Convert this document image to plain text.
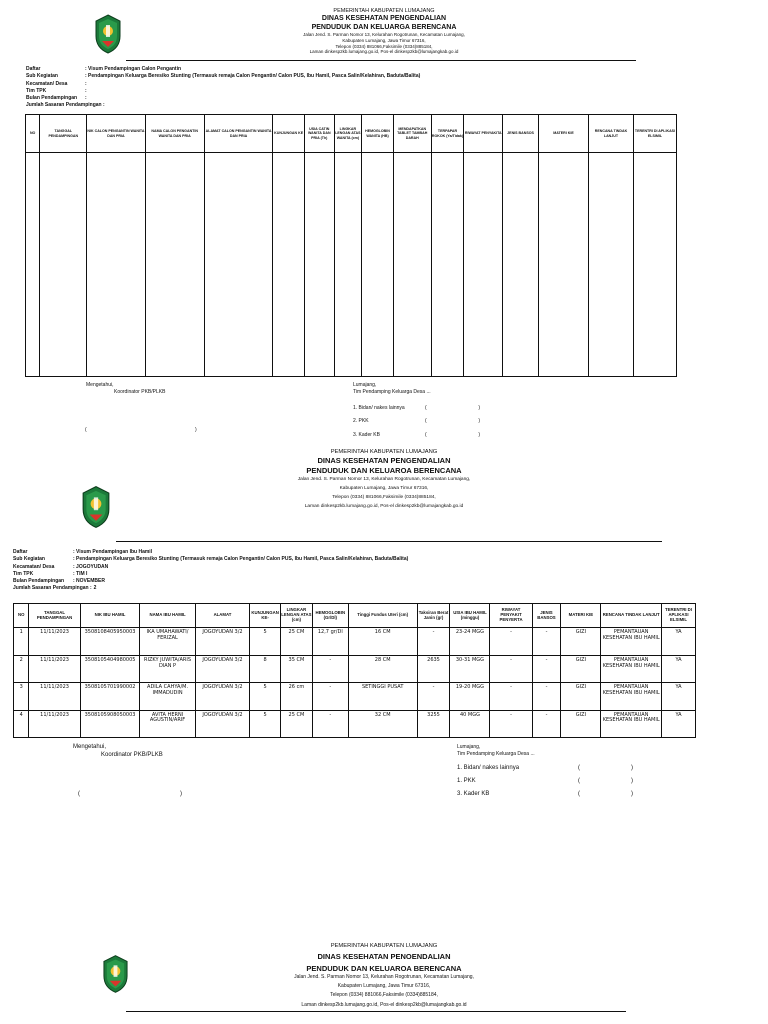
PEMERINTAH KABUPATEN LUMAJANG
DINAS KESEHATAN PENGENDALIAN
PENDUDUK DAN KELUARGA BERENCANA
Jalan Jend. S. Parman Nomor 13, Kelurahan Rogotrunan, Kecamatan Lumajang,
Kabupaten Lumajang, Jawa Timur 67316,
Telepon (0334) 881066,Faksimile (0334)885184,
Laman dinkesp2kb.lumajang.go.id, Pos-el dinkesp2kb@lumajangkab.go.id
Daftar	: Visum Pendampingan Calon Pengantin
Sub Kegiatan	: Pendampingan Keluarga Beresiko Stunting (Termasuk remaja Calon Pengantin/ Calon PUS, Ibu Hamil, Pasca Salin/Kelahiran, Baduta/Balita)
Kecamatan/ Desa	:
Tim TPK	:
Bulan Pendampingan	:
Jumlah Sasaran Pendampingan :
NO	TANGGAL PENDAMPINGAN	NIK CALON PENGANTIN WANITA DAN PRIA	NAMA CALON PENGANTIN WANITA DAN PRIA	ALAMAT CALON PENGANTIN WANITA DAN PRIA	KUNJUNGAN KE	USIA CATIN WANITA DAN PRIA (Th)	LINGKAR LENGAN ATAS WANITA (cm)	HEMOGLOBIN WANITA (HB)	MENDAPATKAN TABLET TAMBAH DARAH	TERPAPAR ROKOK (Ya/Tidak)	RIWAYAT PENYAKITA	JENIS BANSOS	MATERI KIE	RENCANA TINDAK LANJUT	TERENTRI DI APLIKASI ELSIMIL

Mengetahui,
Koordinator PKB/PLKB
(	)
Lumajang,
Tim Pendamping Keluarga Desa ...
1. Bidan/ nakes lainnya
2. PKK
3. Kader KB
(	)
(	)
(	)
PEMERINTAH KABUPATEN LUMAJANG
DINAS KESEHATAN PENGENDALIAN
PENDUDUK DAN KELUAROA BERENCANA
Jalan Jend. S. Parman Nomor 13, Kelurahan Rogotrunan, Kecamatan Lumajang,
Kabupaten Lumajang, Jawa Timur 67316,
Telepon (0334) 881066,Faksimile (0334)885184,
Laman dinkesp2kb.lumajang.go.id, Pos-el dinkesp2kb@lumajangkab.go.id
Daftar	: Visum Pendampingan Ibu Hamil
Sub Kegiatan	: Pendampingan Keluarga Beresiko Stunting (Termasuk remaja Calon Pengantin/ Calon PUS, Ibu Hamil, Pasca Salin/Kelahiran, Baduta/Balita)
Kecamatan/ Desa	: JOGOYUDAN
Tim TPK	: TIM I
Bulan Pendampingan	: NOVEMBER
Jumlah Sasaran Pendampingan : 2
NO	TANGGAL PENDAMPINGAN	NIK IBU HAMIL	NAMA IBU HAMIL	ALAMAT	KUNJUNGAN KE-	LINGKAR LENGAN ATAS (cm)	HEMOGLOBIN (Gr/Dl)	Tinggi Fundus Uteri (cm)	Taksiran Berat Janin (gr)	USIA IBU HAMIL (minggu)	RIWAYAT PENYAKIT PENYERTA	JENIS BANSOS	MATERI KIE	RENCANA TINDAK LANJUT	TERENTRI DI APLIKASI ELSIMIL
1	11/11/2023	3508108405950003	IKA UMAHAWATI/ FERIZAL	JOGOYUDAN 3/2	5	25 CM	12,7 gr/Dl	16 CM	-	23-24 MGG	-	-	GIZI	PEMANTAUAN KESEHATAN IBU HAMIL	YA
2	11/11/2023	3508105404980005	RIZKY JUWITA/ARIS DIAN P	JOGOYUDAN 3/2	8	35 CM	-	28 CM	2635	30-31 MGG	-	-	GIZI	PEMANTAUAN KESEHATAN IBU HAMIL	YA
3	11/11/2023	3508105701990002	ADILA CAHYA/M. IMMADUDIN	JOGOYUDAN 3/2	5	26 cm	-	SETINGGI PUSAT	-	19-20 MGG	-	-	GIZI	PEMANTAUAN KESEHATAN IBU HAMIL	YA
4	11/11/2023	3508105908050003	AVITA HERNI AGUSTIN/ARIF	JOGOYUDAN 3/2	5	25 CM	-	32 CM	3255	40 MGG	-	-	GIZI	PEMANTAUAN KESEHATAN IBU HAMIL	YA
Mengetahui,
Koordinator PKB/PLKB
(	)
Lumajang,
Tim Pendamping Keluarga Desa ...
1. Bidan/ nakes lainnya
1. PKK
3. Kader KB
(	)
(	)
(	)
PEMERINTAH KABUPATEN LUMAJANG
DINAS KESEHATAN PENOENDALIAN
PENDUDUK DAN KELUAROA BERENCANA
Jalan Jend. S. Parman Nomor 13, Kelurahan Rogotrunan, Kecamatan Lumajang,
Kabupaten Lumajang, Jawa Timur 67316,
Telepon (0334) 881066,Faksimile (0334)885184,
Laman dinkesp2kb.lumajang.go.id, Pos-el dinkesp2kb@lumajangkab.go.id
